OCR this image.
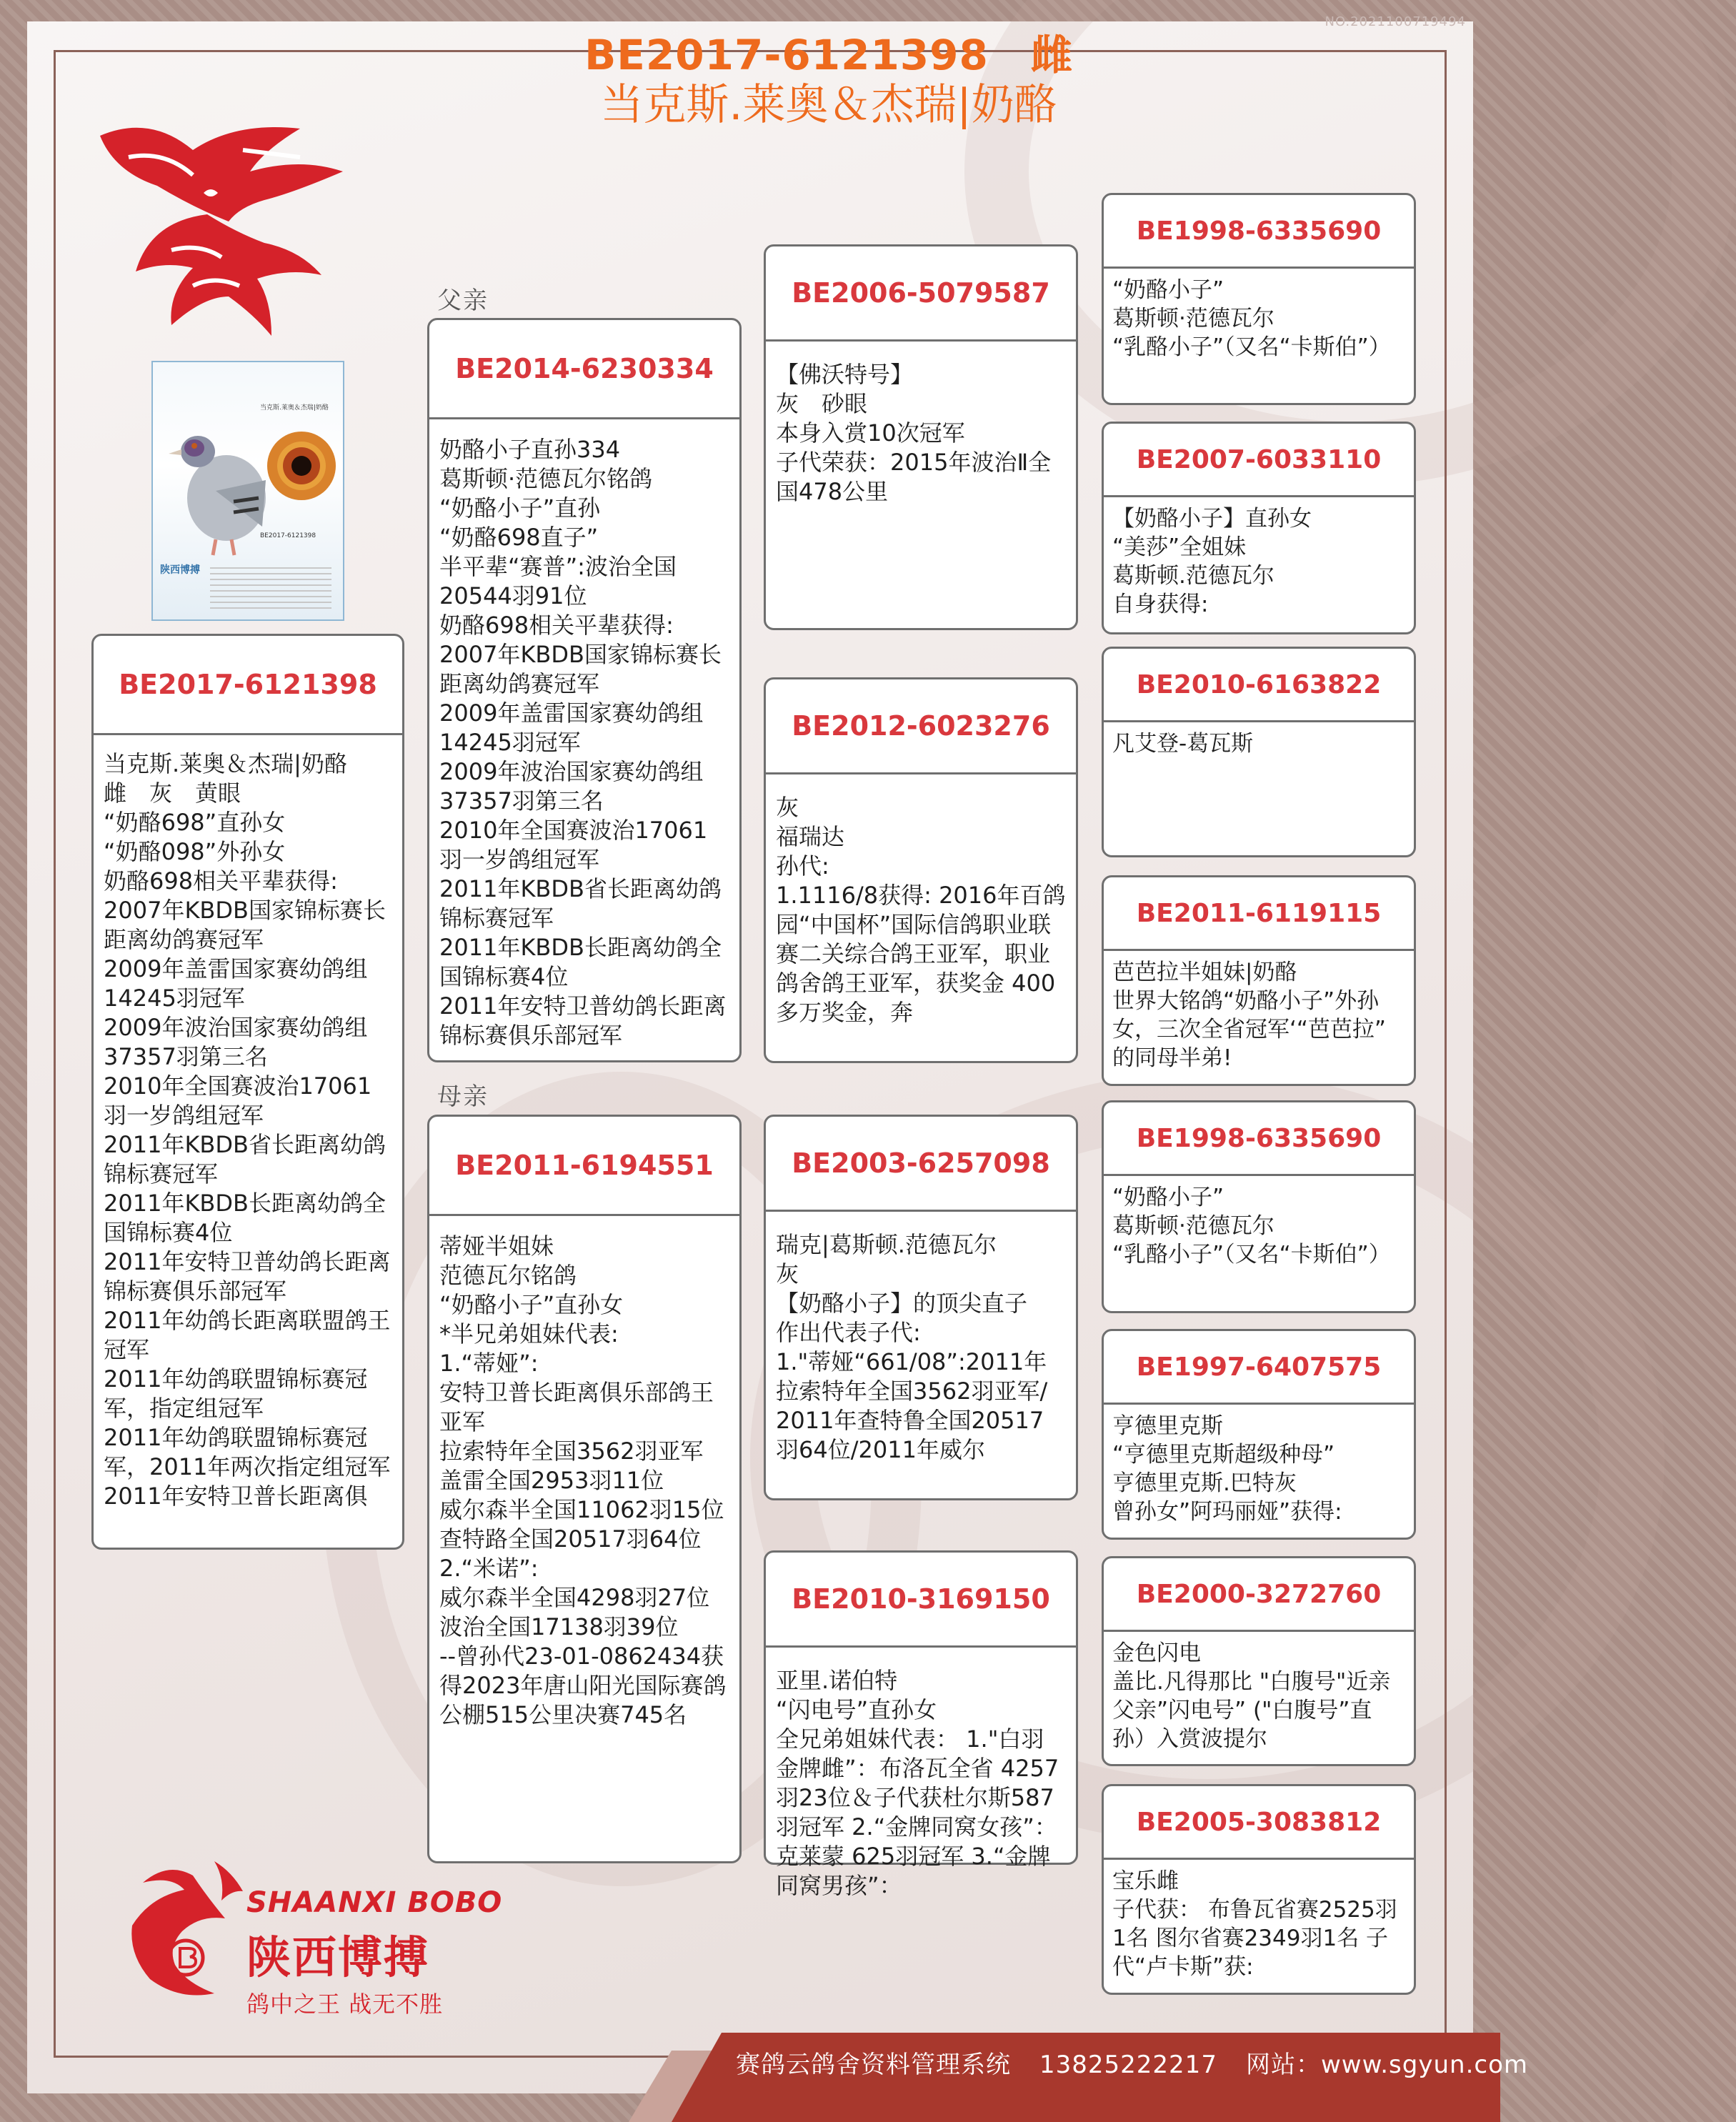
NO.2021100719494
BE2017-6121398　雌
当克斯.莱奥＆杰瑞|奶酪
当克斯.莱奥＆杰瑞|奶酪
BE2017-6121398
陕西博搏
BE2017-6121398
当克斯.莱奥＆杰瑞|奶酪
雌　灰　黄眼
“奶酪698”直孙女
“奶酪098”外孙女
奶酪698相关平辈获得:
2007年KBDB国家锦标赛长距离幼鸽赛冠军
2009年盖雷国家赛幼鸽组14245羽冠军
2009年波治国家赛幼鸽组37357羽第三名
2010年全国赛波治17061羽一岁鸽组冠军
2011年KBDB省长距离幼鸽锦标赛冠军
2011年KBDB长距离幼鸽全国锦标赛4位
2011年安特卫普幼鸽长距离锦标赛俱乐部冠军
2011年幼鸽长距离联盟鸽王冠军
2011年幼鸽联盟锦标赛冠军，指定组冠军
2011年幼鸽联盟锦标赛冠军，2011年两次指定组冠军
2011年安特卫普长距离俱
父亲
BE2014-6230334
奶酪小子直孙334
葛斯顿·范德瓦尔铭鸽
“奶酪小子”直孙
“奶酪698直子”
半平辈“赛普”:波治全国20544羽91位
奶酪698相关平辈获得:
2007年KBDB国家锦标赛长距离幼鸽赛冠军
2009年盖雷国家赛幼鸽组14245羽冠军
2009年波治国家赛幼鸽组37357羽第三名
2010年全国赛波治17061羽一岁鸽组冠军
2011年KBDB省长距离幼鸽锦标赛冠军
2011年KBDB长距离幼鸽全国锦标赛4位
2011年安特卫普幼鸽长距离锦标赛俱乐部冠军
母亲
BE2011-6194551
蒂娅半姐妹
范德瓦尔铭鸽
“奶酪小子”直孙女
*半兄弟姐妹代表:
1.“蒂娅”:
安特卫普长距离俱乐部鸽王亚军
拉索特年全国3562羽亚军
盖雷全国2953羽11位
威尔森半全国11062羽15位
查特路全国20517羽64位
2.“米诺”:
威尔森半全国4298羽27位
波治全国17138羽39位
--曾孙代23-01-0862434获得2023年唐山阳光国际赛鸽公棚515公里决赛745名
BE2006-5079587
【佛沃特号】
灰　砂眼
本身入赏10次冠军
子代荣获：2015年波治Ⅱ全国478公里
BE2012-6023276
灰
福瑞达
孙代:
1.1116/8获得: 2016年百鸽园“中国杯”国际信鸽职业联赛二关综合鸽王亚军，职业鸽舍鸽王亚军，获奖金 400多万奖金，奔
BE2003-6257098
瑞克|葛斯顿.范德瓦尔
灰
【奶酪小子】的顶尖直子
作出代表子代:
1."蒂娅“661/08”:2011年拉索特年全国3562羽亚军/ 2011年查特鲁全国20517羽64位/2011年威尔
BE2010-3169150
亚里.诺伯特
“闪电号”直孙女
全兄弟姐妹代表： 1."白羽金牌雌”：布洛瓦全省 4257羽23位＆子代获杜尔斯587 羽冠军 2.“金牌同窝女孩”：克莱蒙 625羽冠军 3.“金牌同窝男孩”：
BE1998-6335690
“奶酪小子”
葛斯顿·范德瓦尔
“乳酪小子”（又名“卡斯伯”）
BE2007-6033110
【奶酪小子】直孙女
“美莎”全姐妹
葛斯顿.范德瓦尔
自身获得:
BE2010-6163822
凡艾登-葛瓦斯
BE2011-6119115
芭芭拉半姐妹|奶酪
世界大铭鸽“奶酪小子”外孙 女，三次全省冠军‘“芭芭拉” 的同母半弟!
BE1998-6335690
“奶酪小子”
葛斯顿·范德瓦尔
“乳酪小子”（又名“卡斯伯”）
BE1997-6407575
亨德里克斯
“亨德里克斯超级种母”
亨德里克斯.巴特灰
曾孙女”阿玛丽娅”获得:
BE2000-3272760
金色闪电
盖比.凡得那比 "白腹号"近亲 父亲”闪电号” ("白腹号”直 孙）入赏波提尔
BE2005-3083812
宝乐雌
子代获： 布鲁瓦省赛2525羽1名 图尔省赛2349羽1名 子代“卢卡斯”获:
SHAANXI BOBO
陕西博搏
鸽中之王 战无不胜
赛鸽云鸽舍资料管理系统 13825222217 网站：www.sgyun.com
